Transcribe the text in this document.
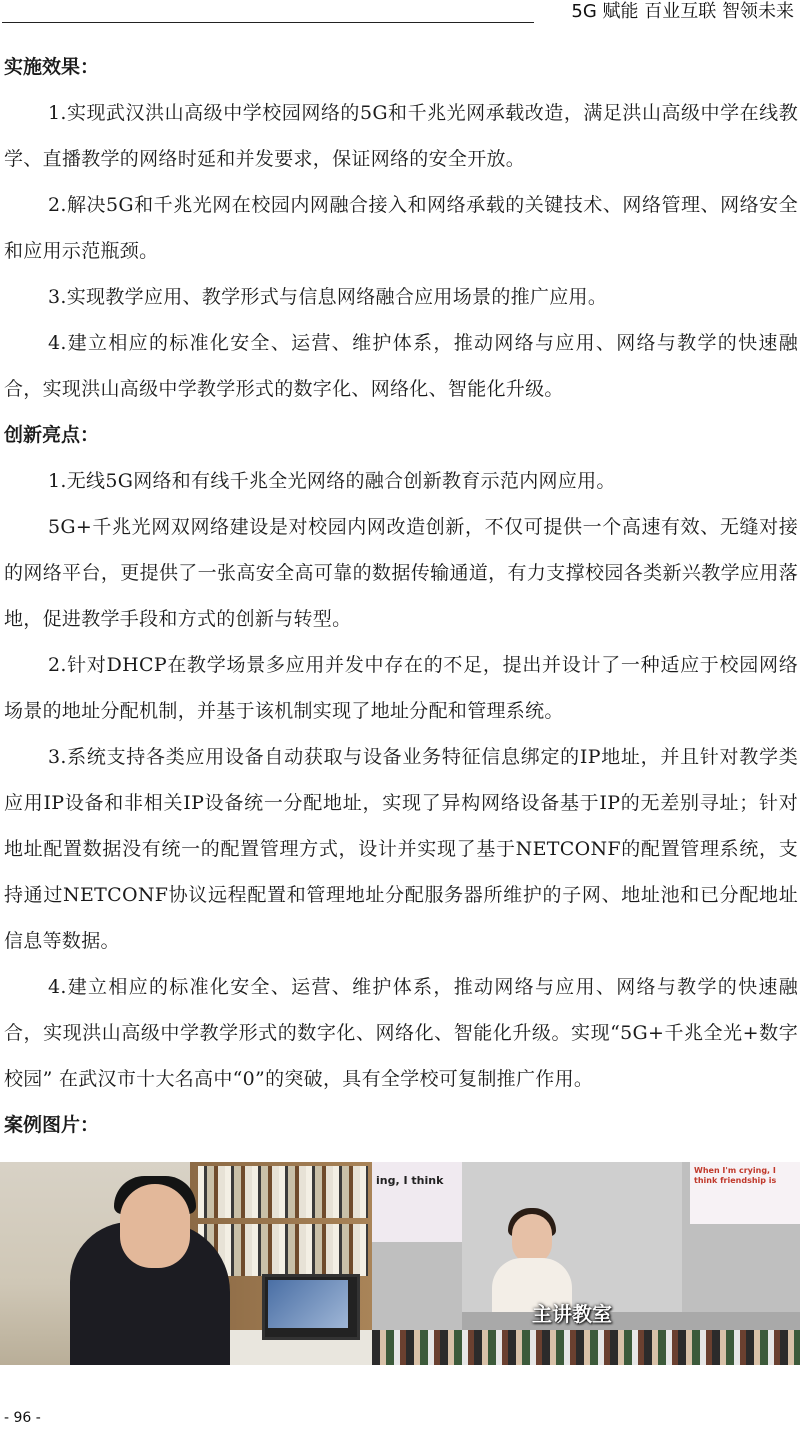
5G 赋能 百业互联 智领未来

实施效果：

1.实现武汉洪山高级中学校园网络的5G和千兆光网承载改造，满足洪山高级中学在线教学、直播教学的网络时延和并发要求，保证网络的安全开放。

2.解决5G和千兆光网在校园内网融合接入和网络承载的关键技术、网络管理、网络安全和应用示范瓶颈。

3.实现教学应用、教学形式与信息网络融合应用场景的推广应用。

4.建立相应的标准化安全、运营、维护体系，推动网络与应用、网络与教学的快速融合，实现洪山高级中学教学形式的数字化、网络化、智能化升级。

创新亮点：

1.无线5G网络和有线千兆全光网络的融合创新教育示范内网应用。

5G+千兆光网双网络建设是对校园内网改造创新，不仅可提供一个高速有效、无缝对接的网络平台，更提供了一张高安全高可靠的数据传输通道，有力支撑校园各类新兴教学应用落地，促进教学手段和方式的创新与转型。

2.针对DHCP在教学场景多应用并发中存在的不足，提出并设计了一种适应于校园网络场景的地址分配机制，并基于该机制实现了地址分配和管理系统。

3.系统支持各类应用设备自动获取与设备业务特征信息绑定的IP地址，并且针对教学类应用IP设备和非相关IP设备统一分配地址，实现了异构网络设备基于IP的无差别寻址；针对地址配置数据没有统一的配置管理方式，设计并实现了基于NETCONF的配置管理系统，支持通过NETCONF协议远程配置和管理地址分配服务器所维护的子网、地址池和已分配地址信息等数据。

4.建立相应的标准化安全、运营、维护体系，推动网络与应用、网络与教学的快速融合，实现洪山高级中学教学形式的数字化、网络化、智能化升级。实现“5G+千兆全光+数字校园” 在武汉市十大名高中“0”的突破，具有全学校可复制推广作用。

案例图片：

ing, I think
When I'm crying, I think friendship is
主讲教室
- 96 -
